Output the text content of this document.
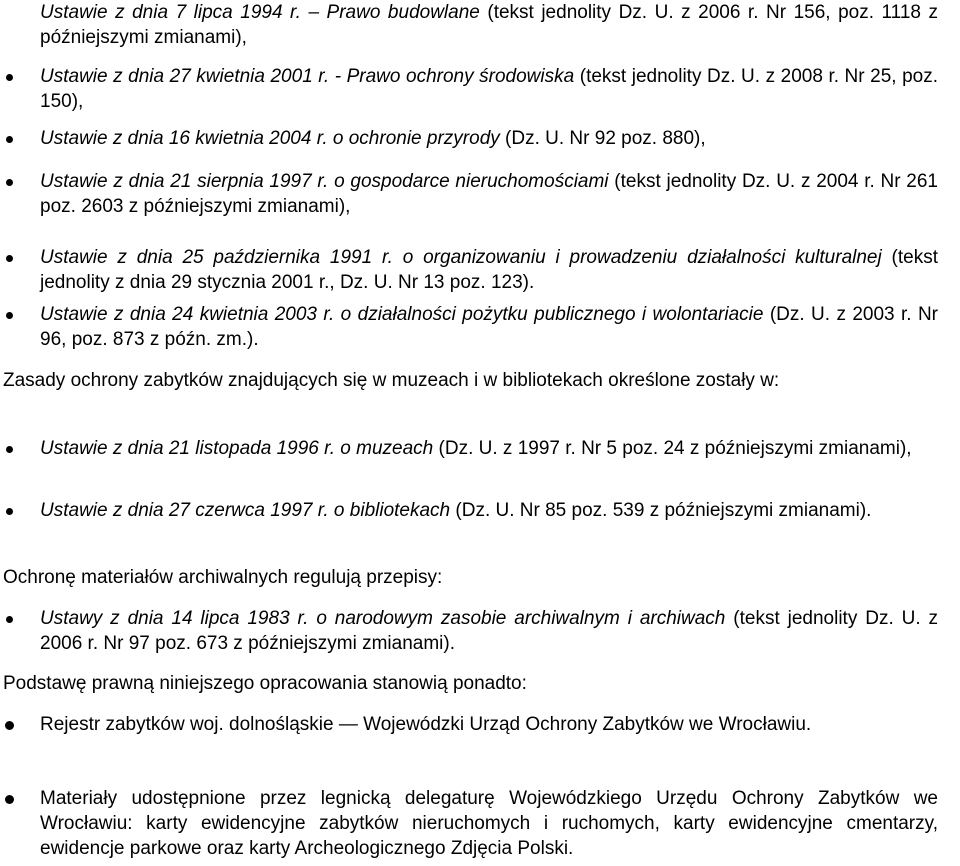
Ustawie z dnia 7 lipca 1994 r. – Prawo budowlane (tekst jednolity Dz. U. z 2006 r. Nr 156, poz. 1118 z późniejszymi zmianami),
Ustawie z dnia 27 kwietnia 2001 r. - Prawo ochrony środowiska (tekst jednolity Dz. U. z 2008 r. Nr 25, poz. 150),
Ustawie z dnia 16 kwietnia 2004 r. o ochronie przyrody (Dz. U. Nr 92 poz. 880),
Ustawie z dnia 21 sierpnia 1997 r. o gospodarce nieruchomościami (tekst jednolity Dz. U. z 2004 r. Nr 261 poz. 2603 z późniejszymi zmianami),
Ustawie z dnia 25 października 1991 r. o organizowaniu i prowadzeniu działalności kulturalnej (tekst jednolity z dnia 29 stycznia 2001 r., Dz. U. Nr 13 poz. 123).
Ustawie z dnia 24 kwietnia 2003 r. o działalności pożytku publicznego i wolontariacie (Dz. U. z 2003 r. Nr 96, poz. 873 z późn. zm.).

Zasady ochrony zabytków znajdujących się w muzeach i w bibliotekach określone zostały w:

Ustawie z dnia 21 listopada 1996 r. o muzeach (Dz. U. z 1997 r. Nr 5 poz. 24 z późniejszymi zmianami),
Ustawie z dnia 27 czerwca 1997 r. o bibliotekach (Dz. U. Nr 85 poz. 539 z późniejszymi zmianami).

Ochronę materiałów archiwalnych regulują przepisy:

Ustawy z dnia 14 lipca 1983 r. o narodowym zasobie archiwalnym i archiwach (tekst jednolity Dz. U. z 2006 r. Nr 97 poz. 673 z późniejszymi zmianami).

Podstawę prawną niniejszego opracowania stanowią ponadto:

Rejestr zabytków woj. dolnośląskie — Wojewódzki Urząd Ochrony Zabytków we Wrocławiu.
Materiały udostępnione przez legnicką delegaturę Wojewódzkiego Urzędu Ochrony Zabytków we Wrocławiu: karty ewidencyjne zabytków nieruchomych i ruchomych, karty ewidencyjne cmentarzy, ewidencje parkowe oraz karty Archeologicznego Zdjęcia Polski.
